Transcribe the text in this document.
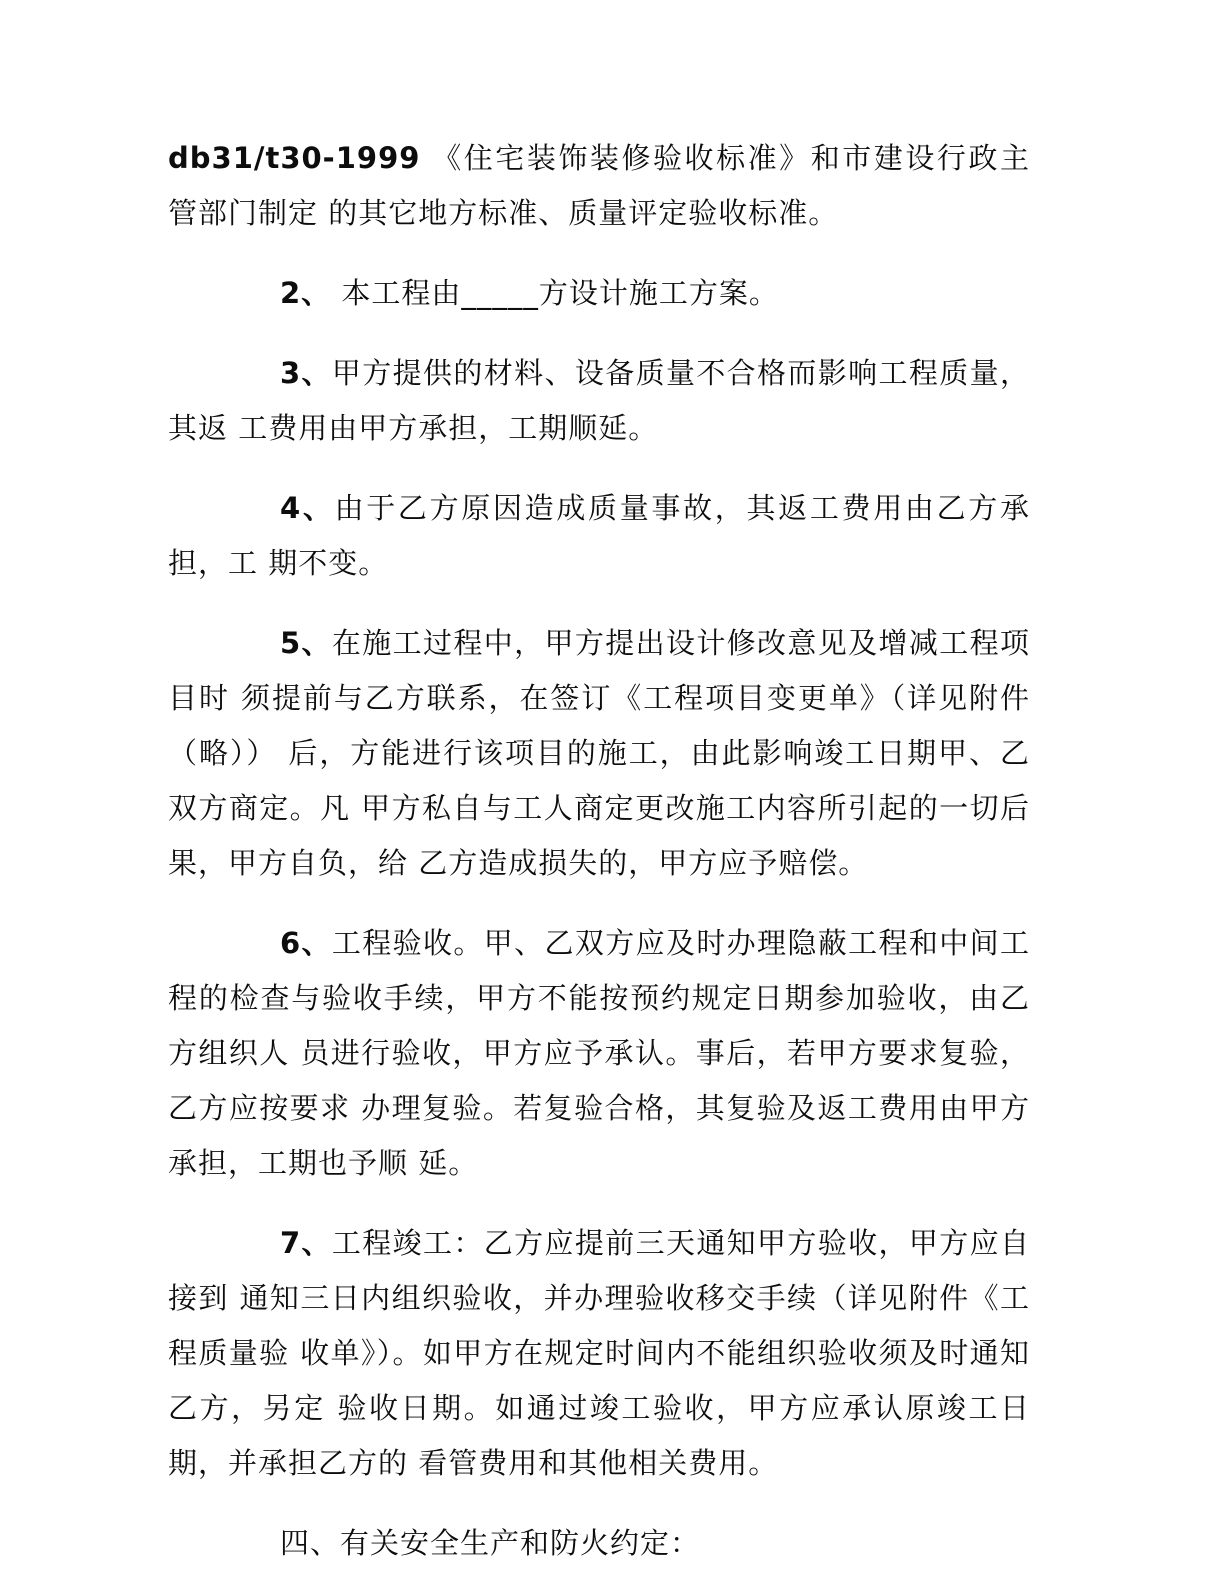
db31/t30-1999 《住宅装饰装修验收标准》和市建设行政主管部门制定 的其它地方标准、质量评定验收标准。

2、 本工程由_____方设计施工方案。

3、甲方提供的材料、设备质量不合格而影响工程质量，其返 工费用由甲方承担，工期顺延。

4、由于乙方原因造成质量事故，其返工费用由乙方承担，工 期不变。

5、在施工过程中，甲方提出设计修改意见及增减工程项目时 须提前与乙方联系，在签订《工程项目变更单》（详见附件（略）） 后，方能进行该项目的施工，由此影响竣工日期甲、乙双方商定。凡 甲方私自与工人商定更改施工内容所引起的一切后果，甲方自负，给 乙方造成损失的，甲方应予赔偿。

6、工程验收。甲、乙双方应及时办理隐蔽工程和中间工程的检查与验收手续，甲方不能按预约规定日期参加验收，由乙方组织人 员进行验收，甲方应予承认。事后，若甲方要求复验，乙方应按要求 办理复验。若复验合格，其复验及返工费用由甲方承担，工期也予顺 延。

7、工程竣工：乙方应提前三天通知甲方验收，甲方应自接到 通知三日内组织验收，并办理验收移交手续（详见附件《工程质量验 收单》）。如甲方在规定时间内不能组织验收须及时通知乙方，另定 验收日期。如通过竣工验收，甲方应承认原竣工日期，并承担乙方的 看管费用和其他相关费用。

四、有关安全生产和防火约定：
